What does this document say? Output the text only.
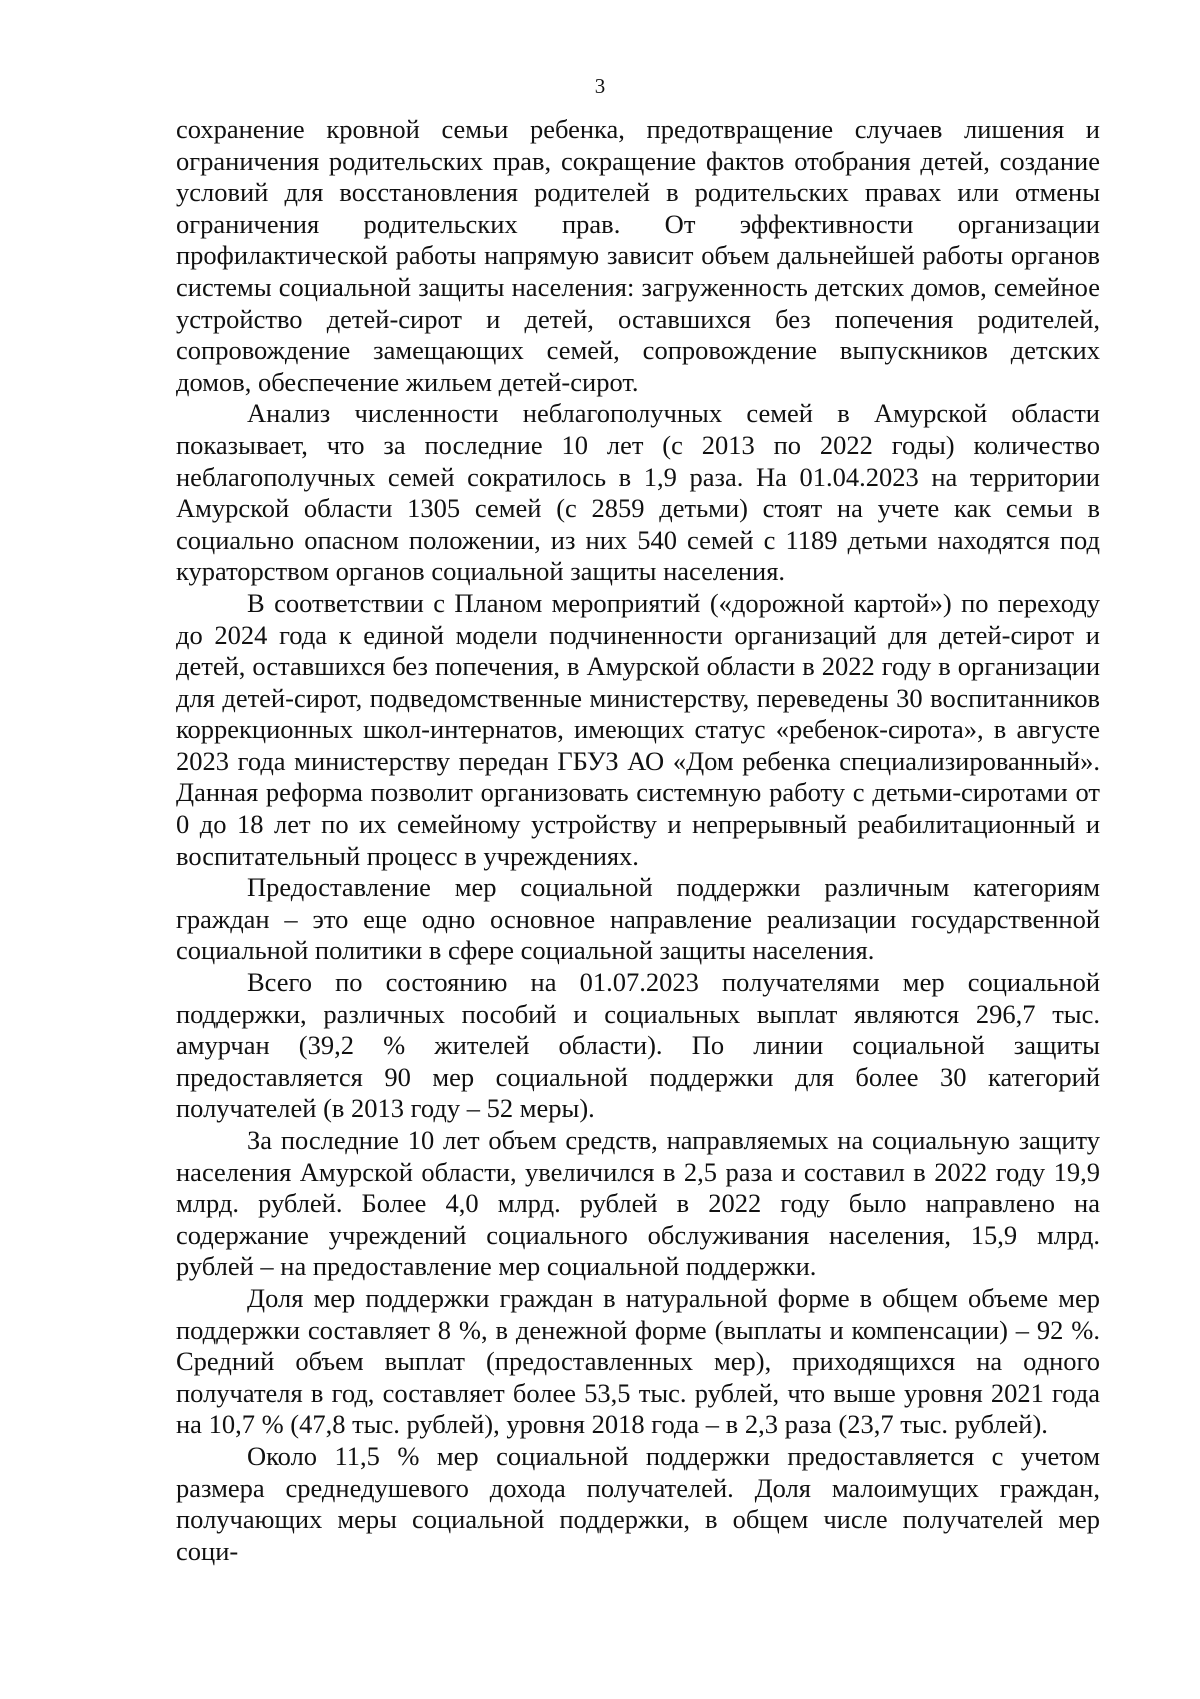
3

сохранение кровной семьи ребенка, предотвращение случаев лишения и ограничения родительских прав, сокращение фактов отобрания детей, создание условий для восстановления родителей в родительских правах или отмены ограничения родительских прав. От эффективности организации профилактической работы напрямую зависит объем дальнейшей работы органов системы социальной защиты населения: загруженность детских домов, семейное устройство детей-сирот и детей, оставшихся без попечения родителей, сопровождение замещающих семей, сопровождение выпускников детских домов, обеспечение жильем детей-сирот.

Анализ численности неблагополучных семей в Амурской области показывает, что за последние 10 лет (с 2013 по 2022 годы) количество неблагополучных семей сократилось в 1,9 раза. На 01.04.2023 на территории Амурской области 1305 семей (с 2859 детьми) стоят на учете как семьи в социально опасном положении, из них 540 семей с 1189 детьми находятся под кураторством органов социальной защиты населения.

В соответствии с Планом мероприятий («дорожной картой») по переходу до 2024 года к единой модели подчиненности организаций для детей-сирот и детей, оставшихся без попечения, в Амурской области в 2022 году в организации для детей-сирот, подведомственные министерству, переведены 30 воспитанников коррекционных школ-интернатов, имеющих статус «ребенок-сирота», в августе 2023 года министерству передан ГБУЗ АО «Дом ребенка специализированный». Данная реформа позволит организовать системную работу с детьми-сиротами от 0 до 18 лет по их семейному устройству и непрерывный реабилитационный и воспитательный процесс в учреждениях.

Предоставление мер социальной поддержки различным категориям граждан – это еще одно основное направление реализации государственной социальной политики в сфере социальной защиты населения.

Всего по состоянию на 01.07.2023 получателями мер социальной поддержки, различных пособий и социальных выплат являются 296,7 тыс. амурчан (39,2 % жителей области). По линии социальной защиты предоставляется 90 мер социальной поддержки для более 30 категорий получателей (в 2013 году – 52 меры).

За последние 10 лет объем средств, направляемых на социальную защиту населения Амурской области, увеличился в 2,5 раза и составил в 2022 году 19,9 млрд. рублей. Более 4,0 млрд. рублей в 2022 году было направлено на содержание учреждений социального обслуживания населения, 15,9 млрд. рублей – на предоставление мер социальной поддержки.

Доля мер поддержки граждан в натуральной форме в общем объеме мер поддержки составляет 8 %, в денежной форме (выплаты и компенсации) – 92 %. Средний объем выплат (предоставленных мер), приходящихся на одного получателя в год, составляет более 53,5 тыс. рублей, что выше уровня 2021 года на 10,7 % (47,8 тыс. рублей), уровня 2018 года – в 2,3 раза (23,7 тыс. рублей).

Около 11,5 % мер социальной поддержки предоставляется с учетом размера среднедушевого дохода получателей. Доля малоимущих граждан, получающих меры социальной поддержки, в общем числе получателей мер соци-
